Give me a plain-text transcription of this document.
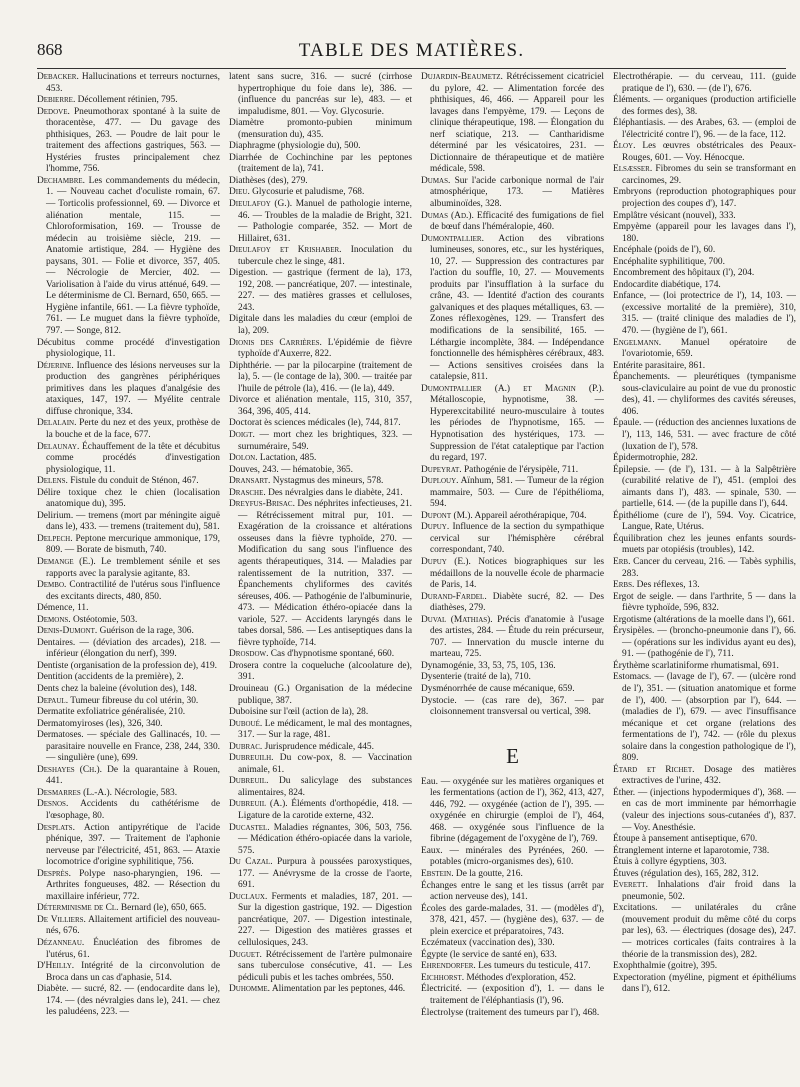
868	TABLE DES MATIÈRES.

Debacker. Hallucinations et terreurs nocturnes, 453.

Debierre. Décollement rétinien, 795.

Dedove. Pneumothorax spontané à la suite de thoracentèse, 477. — Du gavage des phthisiques, 263. — Poudre de lait pour le traitement des affections gastriques, 563. — Hystéries frustes principalement chez l'homme, 756.

Dechambre. Les commandements du médecin, 1. — Nouveau cachet d'oculiste romain, 67. — Torticolis professionnel, 69. — Divorce et aliénation mentale, 115. — Chloroformisation, 169. — Trousse de médecin au troisième siècle, 219. — Anatomie artistique, 284. — Hygiène des paysans, 301. — Folie et divorce, 357, 405. — Nécrologie de Mercier, 402. — Variolisation à l'aide du virus atténué, 649. — Le déterminisme de Cl. Bernard, 650, 665. — Hygiène infantile, 661. — La fièvre typhoïde, 761. — Le muguet dans la fièvre typhoïde, 797. — Songe, 812.

Décubitus comme procédé d'investigation physiologique, 11.

Déjerine. Influence des lésions nerveuses sur la production des gangrènes périphériques primitives dans les plaques d'analgésie des ataxiques, 147, 197. — Myélite centrale diffuse chronique, 334.

Delalain. Perte du nez et des yeux, prothèse de la bouche et de la face, 677.

Delaunay. Échauffement de la tête et décubitus comme procédés d'investigation physiologique, 11.

Delens. Fistule du conduit de Sténon, 467.

Délire toxique chez le chien (localisation anatomique du), 395.

Delirium. — tremens (mort par méningite aiguë dans le), 433. — tremens (traitement du), 581.

Delpech. Peptone mercurique ammonique, 179, 809. — Borate de bismuth, 740.

Demange (E.). Le tremblement sénile et ses rapports avec la paralysie agitante, 83.

Dembo. Contractilité de l'utérus sous l'influence des excitants directs, 480, 850.

Démence, 11.

Demons. Ostéotomie, 503.

Denis-Dumont. Guérison de la rage, 306.

Dentaires. — (déviation des arcades), 218. — inférieur (élongation du nerf), 399.

Dentiste (organisation de la profession de), 419.

Dentition (accidents de la première), 2.

Dents chez la baleine (évolution des), 148.

Depaul. Tumeur fibreuse du col utérin, 30.

Dermatite exfoliatrice généralisée, 210.

Dermatomyiroses (les), 326, 340.

Dermatoses. — spéciale des Gallinacés, 10. — parasitaire nouvelle en France, 238, 244, 330. — singulière (une), 699.

Deshayes (Ch.). De la quarantaine à Rouen, 441.

Desmarres (L.-A.). Nécrologie, 583.

Desnos. Accidents du cathétérisme de l'œsophage, 80.

Desplats. Action antipyrétique de l'acide phénique, 397. — Traitement de l'aphonie nerveuse par l'électricité, 451, 863. — Ataxie locomotrice d'origine syphilitique, 756.

Desprès. Polype naso-pharyngien, 196. — Arthrites fongueuses, 482. — Résection du maxillaire inférieur, 772.

Déterminisme de Cl. Bernard (le), 650, 665.

De Villiers. Allaitement artificiel des nouveau-nés, 676.

Dézanneau. Énucléation des fibromes de l'utérus, 61.

D'Heilly. Intégrité de la circonvolution de Broca dans un cas d'aphasie, 514.

Diabète. — sucré, 82. — (endocardite dans le), 174. — (des névralgies dans le), 241. — chez les paludéens, 223. —

latent sans sucre, 316. — sucré (cirrhose hypertrophique du foie dans le), 386. — (influence du pancréas sur le), 483. — et impaludisme, 801. — Voy. Glycosurie.

Diamètre promonto-pubien minimum (mensuration du), 435.

Diaphragme (physiologie du), 500.

Diarrhée de Cochinchine par les peptones (traitement de la), 741.

Diathèses (des), 279.

Dieu. Glycosurie et paludisme, 768.

Dieulafoy (G.). Manuel de pathologie interne, 46. — Troubles de la maladie de Bright, 321. — Pathologie comparée, 352. — Mort de Hillairet, 631.

Dieulafoy et Krishaber. Inoculation du tubercule chez le singe, 481.

Digestion. — gastrique (ferment de la), 173, 192, 208. — pancréatique, 207. — intestinale, 227. — des matières grasses et celluloses, 243.

Digitale dans les maladies du cœur (emploi de la), 209.

Dionis des Carrières. L'épidémie de fièvre typhoïde d'Auxerre, 822.

Diphthérie. — par la pilocarpine (traitement de la), 5. — (le contage de la), 300. — traitée par l'huile de pétrole (la), 416. — (le la), 449.

Divorce et aliénation mentale, 115, 310, 357, 364, 396, 405, 414.

Doctorat ès sciences médicales (le), 744, 817.

Doigt. — mort chez les brightiques, 323. — surnuméraire, 549.

Dolon. Lactation, 485.

Douves, 243. — hématobie, 365.

Dransart. Nystagmus des mineurs, 578.

Drasche. Des névralgies dans le diabète, 241.

Dreyfus-Brisac. Des néphrites infectieuses, 21. — Rétrécissement mitral pur, 101. — Exagération de la croissance et altérations osseuses dans la fièvre typhoïde, 270. — Modification du sang sous l'influence des agents thérapeutiques, 314. — Maladies par ralentissement de la nutrition, 337. — Épanchements chyliformes des cavités séreuses, 406. — Pathogénie de l'albuminurie, 473. — Médication éthéro-opiacée dans la variole, 527. — Accidents laryngés dans le tabes dorsal, 586. — Les antiseptiques dans la fièvre typhoïde, 714.

Drosdow. Cas d'hypnotisme spontané, 660.

Drosera contre la coqueluche (alcoolature de), 391.

Drouineau (G.) Organisation de la médecine publique, 387.

Duboisine sur l'œil (action de la), 28.

Duboué. Le médicament, le mal des montagnes, 317. — Sur la rage, 481.

Dubrac. Jurisprudence médicale, 445.

Dubreuilh. Du cow-pox, 8. — Vaccination animale, 61.

Dubreuil. Du salicylage des substances alimentaires, 824.

Dubreuil (A.). Éléments d'orthopédie, 418. — Ligature de la carotide externe, 432.

Ducastel. Maladies régnantes, 306, 503, 756. — Médication éthéro-opiacée dans la variole, 575.

Du Cazal. Purpura à poussées paroxystiques, 177. — Anévrysme de la crosse de l'aorte, 691.

Duclaux. Ferments et maladies, 187, 201. — Sur la digestion gastrique, 192. — Digestion pancréatique, 207. — Digestion intestinale, 227. — Digestion des matières grasses et cellulosiques, 243.

Duguet. Rétrécissement de l'artère pulmonaire sans tuberculose consécutive, 41. — Les pédiculi pubis et les taches ombrées, 550.

Duhomme. Alimentation par les peptones, 446.

Dujardin-Beaumetz. Rétrécissement cicatriciel du pylore, 42. — Alimentation forcée des phthisiques, 46, 466. — Appareil pour les lavages dans l'empyème, 179. — Leçons de clinique thérapeutique, 198. — Élongation du nerf sciatique, 213. — Cantharidisme déterminé par les vésicatoires, 231. — Dictionnaire de thérapeutique et de matière médicale, 598.

Dumas. Sur l'acide carbonique normal de l'air atmosphérique, 173. — Matières albuminoïdes, 328.

Dumas (Ad.). Efficacité des fumigations de fiel de bœuf dans l'héméralopie, 460.

Dumontpallier. Action des vibrations lumineuses, sonores, etc., sur les hystériques, 10, 27. — Suppression des contractures par l'action du souffle, 10, 27. — Mouvements produits par l'insufflation à la surface du crâne, 43. — Identité d'action des courants galvaniques et des plaques métalliques, 63. — Zones réflexogènes, 129. — Transfert des modifications de la sensibilité, 165. — Léthargie incomplète, 384. — Indépendance fonctionnelle des hémisphères cérébraux, 483. — Actions sensitives croisées dans la catalepsie, 811.

Dumontpallier (A.) et Magnin (P.). Métalloscopie, hypnotisme, 38. — Hyperexcitabilité neuro-musculaire à toutes les périodes de l'hypnotisme, 165. — Hypnotisation des hystériques, 173. — Suppression de l'état cataleptique par l'action du regard, 197.

Dupeyrat. Pathogénie de l'érysipèle, 711.

Duplouy. Aïnhum, 581. — Tumeur de la région mammaire, 503. — Cure de l'épithélioma, 594.

Dupont (M.). Appareil aérothérapique, 704.

Dupuy. Influence de la section du sympathique cervical sur l'hémisphère cérébral correspondant, 740.

Dupuy (E.). Notices biographiques sur les médaillons de la nouvelle école de pharmacie de Paris, 14.

Durand-Fardel. Diabète sucré, 82. — Des diathèses, 279.

Duval (Mathias). Précis d'anatomie à l'usage des artistes, 284. — Étude du rein précurseur, 707. — Innervation du muscle interne du marteau, 725.

Dynamogénie, 33, 53, 75, 105, 136.

Dysenterie (traité de la), 710.

Dysménorrhée de cause mécanique, 659.

Dystocie. — (cas rare de), 367. — par cloisonnement transversal ou vertical, 398.

E

Eau. — oxygénée sur les matières organiques et les fermentations (action de l'), 362, 413, 427, 446, 792. — oxygénée (action de l'), 395. — oxygénée en chirurgie (emploi de l'), 464, 468. — oxygénée sous l'influence de la fibrine (dégagement de l'oxygène de l'), 769.

Eaux. — minérales des Pyrénées, 260. — potables (micro-organismes des), 610.

Ebstein. De la goutte, 216.

Échanges entre le sang et les tissus (arrêt par action nerveuse des), 141.

Écoles des garde-malades, 31. — (modèles d'), 378, 421, 457. — (hygiène des), 637. — de plein exercice et préparatoires, 743.

Eczémateux (vaccination des), 330.

Égypte (le service de santé en), 633.

Ehrendorfer. Les tumeurs du testicule, 417.

Eichhorst. Méthodes d'exploration, 452.

Électricité. — (exposition d'), 1. — dans le traitement de l'éléphantiasis (l'), 96.

Électrolyse (traitement des tumeurs par l'), 468.

Électrothérapie. — du cerveau, 111. (guide pratique de l'), 630. — (de l'), 676.

Éléments. — organiques (production artificielle des formes des), 38.

Éléphantiasis. — des Arabes, 63. — (emploi de l'électricité contre l'), 96. — de la face, 112.

Éloy. Les œuvres obstétricales des Peaux-Rouges, 601. — Voy. Hénocque.

Elsæsser. Fibromes du sein se transformant en carcinomes, 29.

Embryons (reproduction photographiques pour projection des coupes d'), 147.

Emplâtre vésicant (nouvel), 333.

Empyème (appareil pour les lavages dans l'), 180.

Encéphale (poids de l'), 60.

Encéphalite syphilitique, 700.

Encombrement des hôpitaux (l'), 204.

Endocardite diabétique, 174.

Enfance, — (loi protectrice de l'), 14, 103. — (excessive mortalité de la première), 310, 315. — (traité clinique des maladies de l'), 470. — (hygiène de l'), 661.

Engelmann. Manuel opératoire de l'ovariotomie, 659.

Entérite parasitaire, 861.

Épanchements. — pleurétiques (tympanisme sous-claviculaire au point de vue du pronostic des), 41. — chyliformes des cavités séreuses, 406.

Épaule. — (réduction des anciennes luxations de l'), 113, 146, 531. — avec fracture de côté (luxation de l'), 578.

Épidermotrophie, 282.

Épilepsie. — (de l'), 131. — à la Salpêtrière (curabilité relative de l'), 451. (emploi des aimants dans l'), 483. — spinale, 530. — partielle, 614. — (de la pupille dans l'), 644.

Épithéliome (cure de l'), 594. Voy. Cicatrice, Langue, Rate, Utérus.

Équilibration chez les jeunes enfants sourds-muets par otopiésis (troubles), 142.

Erb. Cancer du cerveau, 216. — Tabès syphilis, 283.

Erbs. Des réflexes, 13.

Ergot de seigle. — dans l'arthrite, 5 — dans la fièvre typhoïde, 596, 832.

Ergotisme (altérations de la moelle dans l'), 661.

Érysipèles. — (broncho-pneumonie dans l'), 66. — (opérations sur les individus ayant eu des), 91. — (pathogénie de l'), 711.

Érythème scarlatiniforme rhumatismal, 691.

Estomacs. — (lavage de l'), 67. — (ulcère rond de l'), 351. — (situation anatomique et forme de l'), 400. — (absorption par l'), 644. — (maladies de l'), 679. — avec l'insuffisance mécanique et cet organe (relations des fermentations de l'), 742. — (rôle du plexus solaire dans la congestion pathologique de l'), 809.

Étard et Richet. Dosage des matières extractives de l'urine, 432.

Éther. — (injections hypodermiques d'), 368. — en cas de mort imminente par hémorrhagie (valeur des injections sous-cutanées d'), 837. — Voy. Anesthésie.

Étoupe à pansement antiseptique, 670.

Étranglement interne et laparotomie, 738.

Étuis à collyre égyptiens, 303.

Étuves (régulation des), 165, 282, 312.

Everett. Inhalations d'air froid dans la pneumonie, 502.

Excitations. — unilatérales du crâne (mouvement produit du même côté du corps par les), 63. — électriques (dosage des), 247. — motrices corticales (faits contraires à la théorie de la transmission des), 282.

Exophthalmie (goitre), 395.

Expectoration (myéline, pigment et épithéliums dans l'), 612.
